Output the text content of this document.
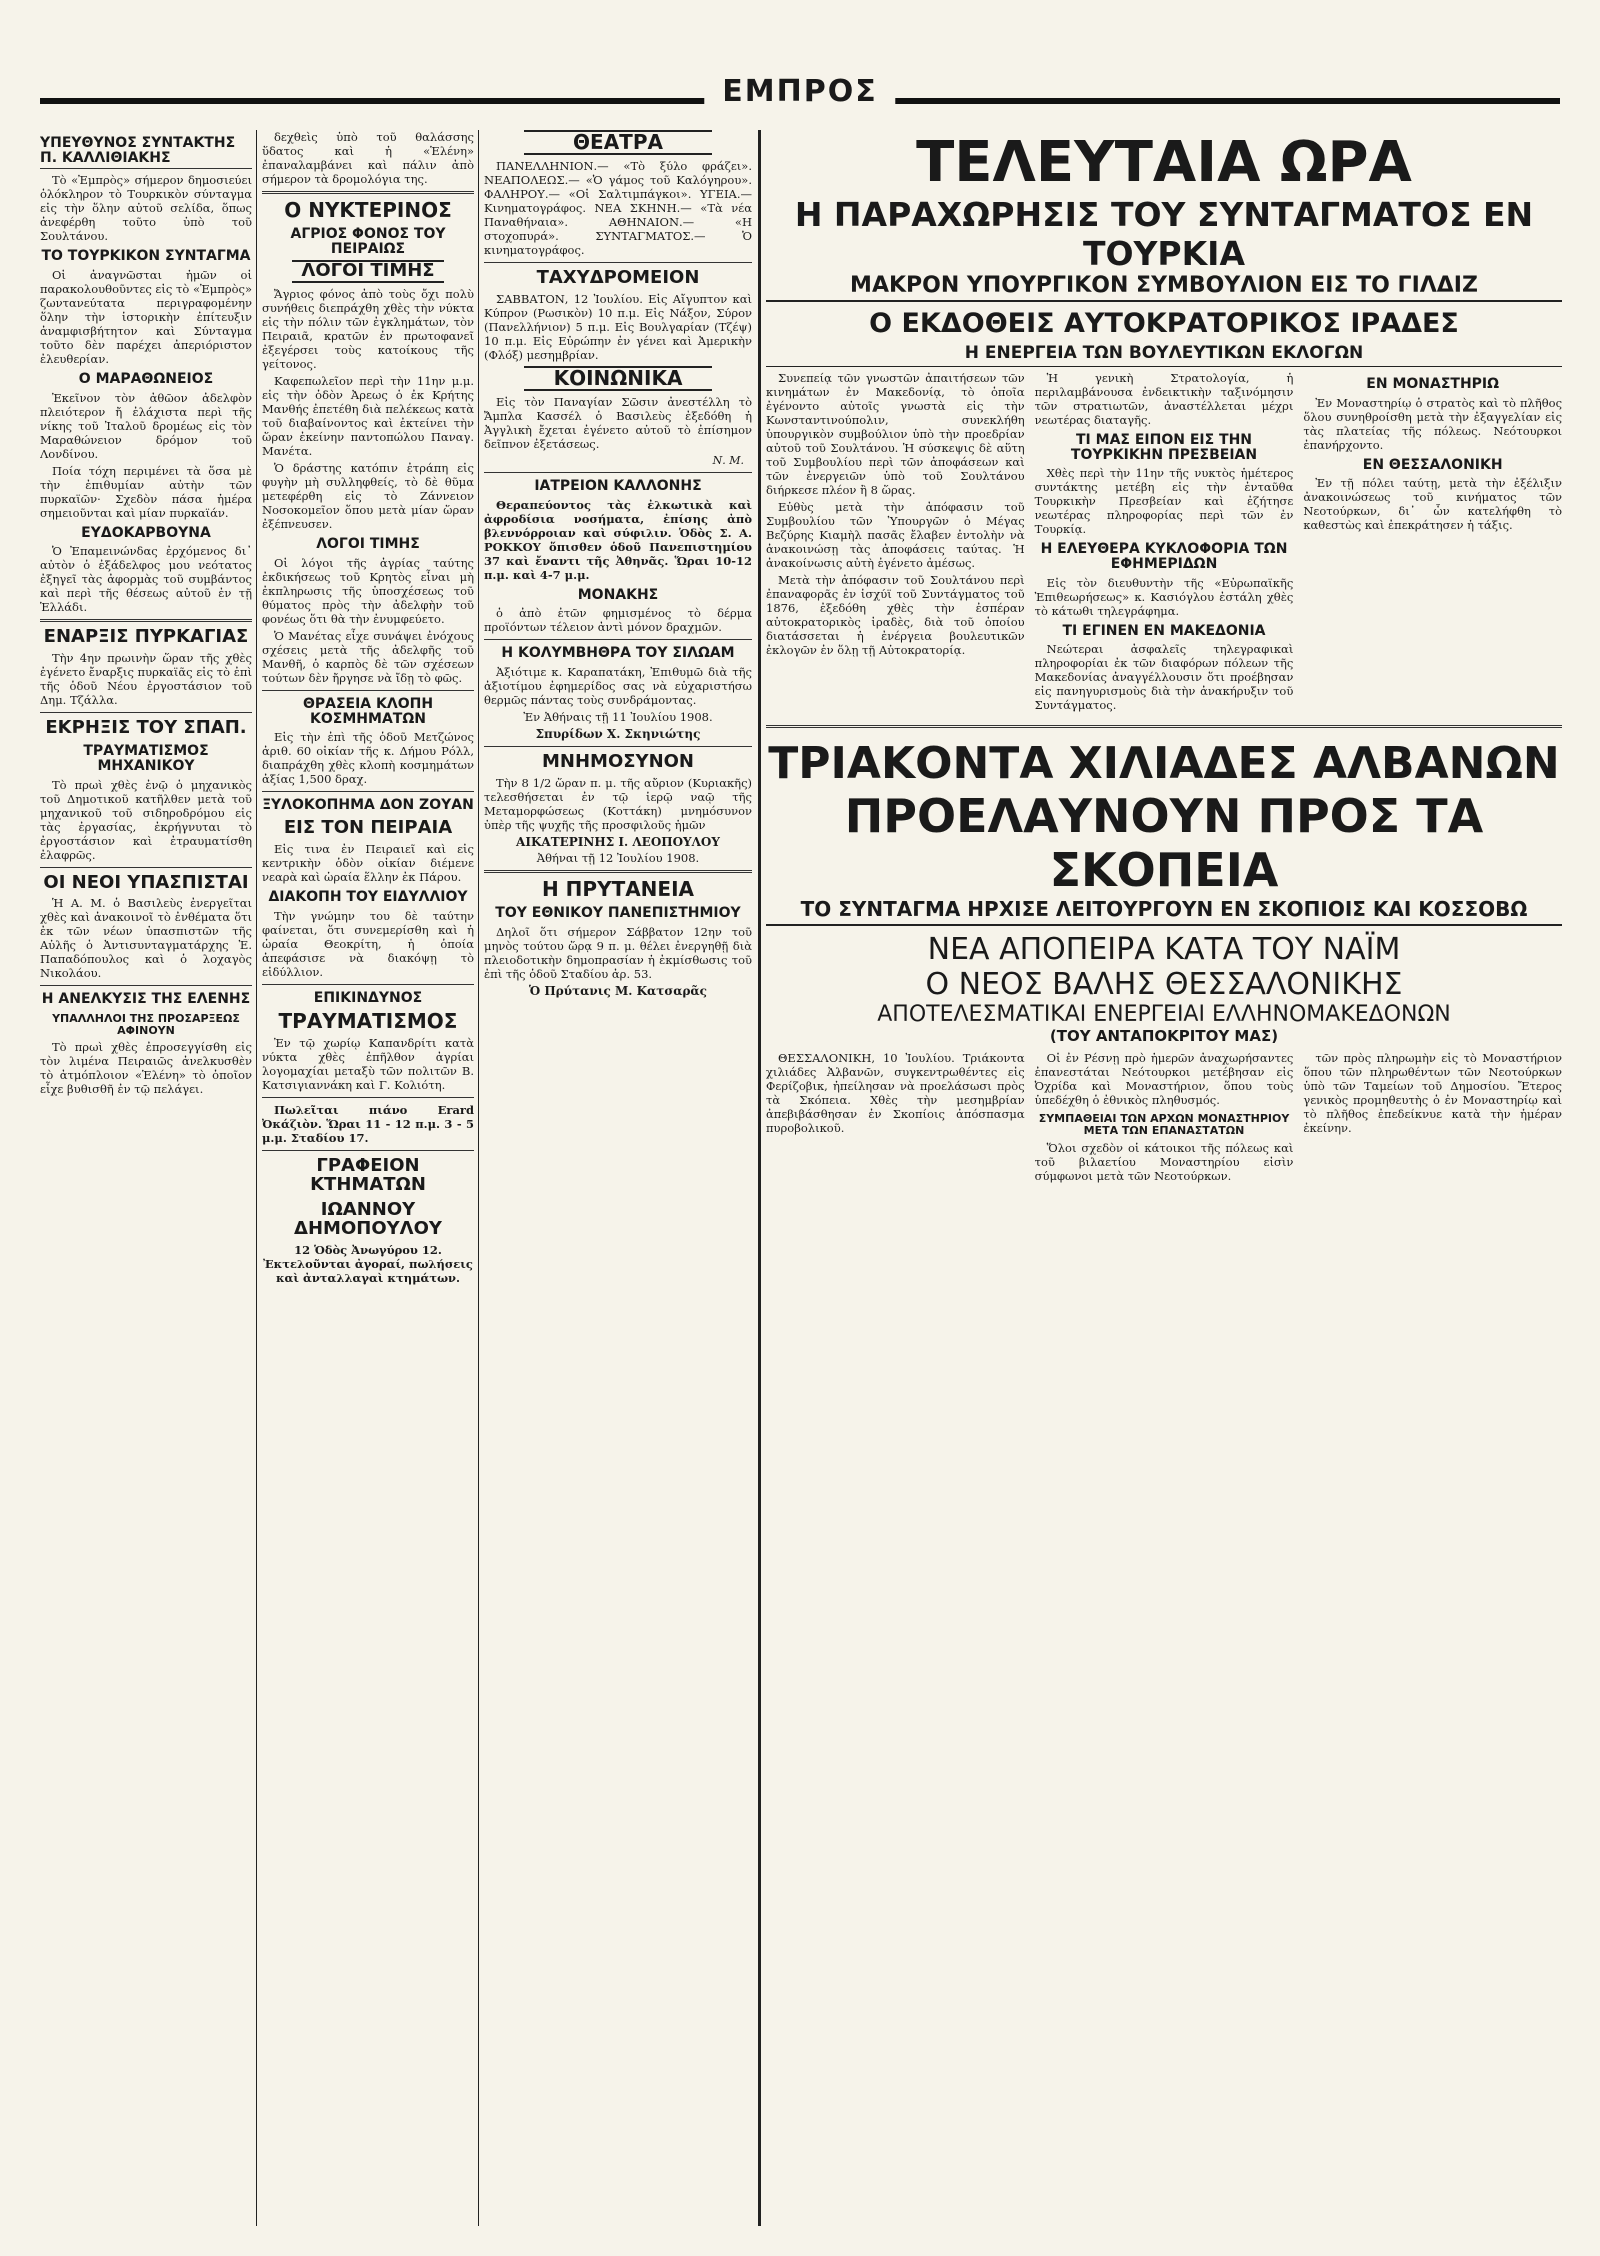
ΕΜΠΡΟΣ
ΥΠΕΥΘΥΝΟΣ ΣΥΝΤΑΚΤΗΣ Π. ΚΑΛΛΙΘΙΑΚΗΣ

Τὸ «Ἐμπρὸς» σήμερον δημοσιεύει ὁλόκληρον τὸ Τουρκικὸν σύνταγμα εἰς τὴν ὅλην αὐτοῦ σελίδα, ὅπως ἀνεφέρθη τοῦτο ὑπὸ τοῦ Σουλτάνου.

ΤΟ ΤΟΥΡΚΙΚΟΝ ΣΥΝΤΑΓΜΑ

Οἱ ἀναγνῶσται ἡμῶν οἱ παρακολουθοῦντες εἰς τὸ «Ἐμπρὸς» ζωντανεύτατα περιγραφομένην ὅλην τὴν ἱστορικὴν ἐπίτευξιν ἀναμφισβήτητον καὶ Σύνταγμα τοῦτο δὲν παρέχει ἀπεριόριστον ἐλευθερίαν.

Ο ΜΑΡΑΘΩΝΕΙΟΣ

Ἐκεῖνον τὸν ἀθῶον ἀδελφὸν πλειότερον ἤ ἐλάχιστα περὶ τῆς νίκης τοῦ Ἰταλοῦ δρομέως εἰς τὸν Μαραθώνειον δρόμον τοῦ Λονδίνου.

Ποία τόχη περιμένει τὰ ὅσα μὲ τὴν ἐπιθυμίαν αὐτὴν τῶν πυρκαϊῶν· Σχεδὸν πάσα ἡμέρα σημειοῦνται καὶ μίαν πυρκαϊάν.

ΕΥΔΟΚΑΡΒΟΥΝΑ

Ὁ Ἐπαμεινώνδας ἐρχόμενος δι᾽ αὐτὸν ὁ ἐξάδελφος μου νεότατος ἐξηγεῖ τὰς ἀφορμὰς τοῦ συμβάντος καὶ περὶ τῆς θέσεως αὐτοῦ ἐν τῇ Ἑλλάδι.

ΕΝΑΡΞΙΣ ΠΥΡΚΑΓΙΑΣ

Τὴν 4ην πρωινὴν ὥραν τῆς χθὲς ἐγένετο ἔναρξις πυρκαϊᾶς εἰς τὸ ἐπὶ τῆς ὁδοῦ Νέου ἐργοστάσιον τοῦ Δημ. Τζάλλα.

ΕΚΡΗΞΙΣ ΤΟΥ ΣΠΑΠ.
ΤΡΑΥΜΑΤΙΣΜΟΣ ΜΗΧΑΝΙΚΟΥ

Τὸ πρωὶ χθὲς ἐνῷ ὁ μηχανικὸς τοῦ Δημοτικοῦ κατῆλθεν μετὰ τοῦ μηχανικοῦ τοῦ σιδηροδρόμου εἰς τὰς ἐργασίας, ἐκρήγνυται τὸ ἐργοστάσιον καὶ ἐτραυματίσθη ἐλαφρῶς.

ΟΙ ΝΕΟΙ ΥΠΑΣΠΙΣΤΑΙ

Ἡ Α. Μ. ὁ Βασιλεὺς ἐνεργεῖται χθὲς καὶ ἀνακοινοῖ τὸ ἐνθέματα ὅτι ἐκ τῶν νέων ὑπασπιστῶν τῆς Αὐλῆς ὁ Ἀντισυνταγματάρχης Ἑ. Παπαδόπουλος καὶ ὁ λοχαγὸς Νικολάου.

Η ΑΝΕΛΚΥΣΙΣ ΤΗΣ ΕΛΕΝΗΣ
ΥΠΑΛΛΗΛΟΙ ΤΗΣ ΠΡΟΣΑΡΞΕΩΣ ΑΦΙΝΟΥΝ

Τὸ πρωὶ χθὲς ἐπροσεγγίσθη εἰς τὸν λιμένα Πειραιῶς ἀνελκυσθὲν τὸ ἀτμόπλοιον «Ἑλένη» τὸ ὁποῖον εἶχε βυθισθῆ ἐν τῷ πελάγει.

δεχθεὶς ὑπὸ τοῦ θαλάσσης ὕδατος καὶ ἡ «Ἑλένη» ἐπαναλαμβάνει καὶ πάλιν ἀπὸ σήμερον τὰ δρομολόγια της.

Ο ΝΥΚΤΕΡΙΝΟΣ
ΑΓΡΙΟΣ ΦΟΝΟΣ ΤΟΥ ΠΕΙΡΑΙΩΣ
ΛΟΓΟΙ ΤΙΜΗΣ

Ἄγριος φόνος ἀπὸ τοὺς ὄχι πολὺ συνήθεις διεπράχθη χθὲς τὴν νύκτα εἰς τὴν πόλιν τῶν ἐγκλημάτων, τὸν Πειραιᾶ, κρατῶν ἐν πρωτοφανεῖ ἐξεγέρσει τοὺς κατοίκους τῆς γείτονος.

Καφεπωλεῖον περὶ τὴν 11ην μ.μ. εἰς τὴν ὁδὸν Ἀρεως ὁ ἐκ Κρήτης Μανθής ἐπετέθη διὰ πελέκεως κατὰ τοῦ διαβαίνοντος καὶ ἐκτείνει τὴν ὥραν ἐκείνην παντοπώλου Παναγ. Μανέτα.

Ὁ δράστης κατόπιν ἐτράπη εἰς φυγὴν μὴ συλληφθείς, τὸ δὲ θῦμα μετεφέρθη εἰς τὸ Ζάννειον Νοσοκομεῖον ὅπου μετὰ μίαν ὥραν ἐξέπνευσεν.

ΛΟΓΟΙ ΤΙΜΗΣ

Οἱ λόγοι τῆς ἀγρίας ταύτης ἐκδικήσεως τοῦ Κρητὸς εἶναι μὴ ἐκπληρωσις τῆς ὑποσχέσεως τοῦ θύματος πρὸς τὴν ἀδελφὴν τοῦ φονέως ὅτι θὰ τὴν ἐνυμφεύετο.

Ὁ Μανέτας εἶχε συνάψει ἐνόχους σχέσεις μετὰ τῆς ἀδελφῆς τοῦ Μανθῆ, ὁ καρπὸς δὲ τῶν σχέσεων τούτων δὲν ἤργησε νὰ ἴδῃ τὸ φῶς.

ΘΡΑΣΕΙΑ ΚΛΟΠΗ ΚΟΣΜΗΜΑΤΩΝ

Εἰς τὴν ἐπὶ τῆς ὁδοῦ Μετζώνος ἀριθ. 60 οἰκίαν τῆς κ. Δήμου Ρόλλ, διαπράχθη χθὲς κλοπὴ κοσμημάτων ἀξίας 1,500 δραχ.

ΞΥΛΟΚΟΠΗΜΑ ΔΟΝ ΖΟΥΑΝ
ΕΙΣ ΤΟΝ ΠΕΙΡΑΙΑ

Εἰς τινα ἐν Πειραιεῖ καὶ εἰς κεντρικὴν ὁδὸν οἰκίαν διέμενε νεαρὰ καὶ ὡραία ἕλλην ἐκ Πάρου.

ΔΙΑΚΟΠΗ ΤΟΥ ΕΙΔΥΛΛΙΟΥ

Τὴν γνώμην του δὲ ταύτην φαίνεται, ὅτι συνεμερίσθη καὶ ἡ ὡραία Θεοκρίτη, ἡ ὁποία ἀπεφάσισε νὰ διακόψῃ τὸ εἰδύλλιον.

ΕΠΙΚΙΝΔΥΝΟΣ
ΤΡΑΥΜΑΤΙΣΜΟΣ

Ἐν τῷ χωρίῳ Καπανδρίτι κατὰ νύκτα χθὲς ἐπῆλθον ἀγρίαι λογομαχίαι μεταξὺ τῶν πολιτῶν Β. Κατσιγιαννάκη καὶ Γ. Κολιότη.

Πωλεῖται πιάνο Erard Ὀκάζιὸν. Ὥραι 11 - 12 π.μ. 3 - 5 μ.μ. Σταδίου 17.

ΓΡΑΦΕΙΟΝ ΚΤΗΜΑΤΩΝ
ΙΩΑΝΝΟΥ ΔΗΜΟΠΟΥΛΟΥ

12 Ὁδὸς Ἀνωγύρου 12. Ἐκτελοῦνται ἀγοραί, πωλήσεις καὶ ἀνταλλαγαὶ κτημάτων.

ΘΕΑΤΡΑ

ΠΑΝΕΛΛΗΝΙΟΝ.— «Τὸ ξύλο φράζει». ΝΕΑΠΟΛΕΩΣ.— «Ὁ γάμος τοῦ Καλόγηρου». ΦΑΛΗΡΟΥ.— «Οἱ Σαλτιμπάγκοι». ΥΓΕΙΑ.— Κινηματογράφος. ΝΕΑ ΣΚΗΝΗ.— «Τὰ νέα Παναθήναια». ΑΘΗΝΑΙΟΝ.— «Η στοχοπυρά». ΣΥΝΤΑΓΜΑΤΟΣ.— Ὁ κινηματογράφος.

ΤΑΧΥΔΡΟΜΕΙΟΝ

ΣΑΒΒΑΤΟΝ, 12 Ἰουλίου. Εἰς Αἴγυπτον καὶ Κύπρον (Ρωσικὸν) 10 π.μ. Εἰς Νάξον, Σύρον (Πανελλήνιον) 5 π.μ. Εἰς Βουλγαρίαν (Τζέψ) 10 π.μ. Εἰς Εὐρώπην ἐν γένει καὶ Ἀμερικὴν (Φλόξ) μεσημβρίαν.

ΚΟΙΝΩΝΙΚΑ

Εἰς τὸν Παναγίαν Σῶσιν ἀνεστέλλη τὸ Ἄμπλα Κασσέλ ὁ Βασιλεὺς ἐξεδόθη ἡ Ἀγγλικὴ ἔχεται ἐγένετο αὐτοῦ τὸ ἐπίσημον δεῖπνον ἐξετάσεως.

Ν. Μ.
ΙΑΤΡΕΙΟΝ ΚΑΛΛΟΝΗΣ

Θεραπεύοντος τὰς ἐλκωτικὰ καὶ ἀφροδίσια νοσήματα, ἐπίσης ἀπὸ βλεννόρροιαν καὶ σύφιλιν. Ὁδὸς Σ. Α. ΡΟΚΚΟΥ ὅπισθεν ὁδοῦ Πανεπιστημίου 37 καὶ ἔναντι τῆς Ἀθηνᾶς. Ὥραι 10-12 π.μ. καὶ 4-7 μ.μ.

ΜΟΝΑΚΗΣ

ὁ ἀπὸ ἐτῶν φημισμένος τὸ δέρμα προϊόντων τέλειον ἀντὶ μόνον δραχμῶν.

Η ΚΟΛΥΜΒΗΘΡΑ ΤΟΥ ΣΙΛΩΑΜ

Ἀξιότιμε κ. Καραπατάκη, Ἐπιθυμῶ διὰ τῆς ἀξιοτίμου ἐφημερίδος σας νὰ εὐχαριστήσω θερμῶς πάντας τοὺς συνδράμοντας.

Ἐν Ἀθήναις τῇ 11 Ἰουλίου 1908.

Σπυρίδων Χ. Σκηνιώτης
ΜΝΗΜΟΣΥΝΟΝ

Τὴν 8 1/2 ὥραν π. μ. τῆς αὔριον (Κυριακῆς) τελεσθήσεται ἐν τῷ ἱερῷ ναῷ τῆς Μεταμορφώσεως (Κοττάκη) μνημόσυνον ὑπὲρ τῆς ψυχῆς τῆς προσφιλοῦς ἡμῶν

ΑΙΚΑΤΕΡΙΝΗΣ Ι. ΛΕΟΠΟΥΛΟΥ

Ἀθήναι τῇ 12 Ἰουλίου 1908.

Η ΠΡΥΤΑΝΕΙΑ
ΤΟΥ ΕΘΝΙΚΟΥ ΠΑΝΕΠΙΣΤΗΜΙΟΥ

Δηλοῖ ὅτι σήμερον Σάββατον 12ην τοῦ μηνὸς τούτου ὥρᾳ 9 π. μ. θέλει ἐνεργηθῇ διὰ πλειοδοτικὴν δημοπρασίαν ἡ ἐκμίσθωσις τοῦ ἐπὶ τῆς ὁδοῦ Σταδίου ἀρ. 53.

Ὁ Πρύτανις Μ. Κατσαρᾶς
ΤΕΛΕΥΤΑΙΑ ΩΡΑ
Η ΠΑΡΑΧΩΡΗΣΙΣ ΤΟΥ ΣΥΝΤΑΓΜΑΤΟΣ ΕΝ ΤΟΥΡΚΙΑ
ΜΑΚΡΟΝ ΥΠΟΥΡΓΙΚΟΝ ΣΥΜΒΟΥΛΙΟΝ ΕΙΣ ΤΟ ΓΙΛΔΙΖ
Ο ΕΚΔΟΘΕΙΣ ΑΥΤΟΚΡΑΤΟΡΙΚΟΣ ΙΡΑΔΕΣ
Η ΕΝΕΡΓΕΙΑ ΤΩΝ ΒΟΥΛΕΥΤΙΚΩΝ ΕΚΛΟΓΩΝ

Συνεπείᾳ τῶν γνωστῶν ἀπαιτήσεων τῶν κινημάτων ἐν Μακεδονίᾳ, τὸ ὁποῖα ἐγένοντο αὐτοῖς γνωστὰ εἰς τὴν Κωνσταντινούπολιν, συνεκλήθη ὑπουργικὸν συμβούλιον ὑπὸ τὴν προεδρίαν αὐτοῦ τοῦ Σουλτάνου. Ἡ σύσκεψις δὲ αὕτη τοῦ Συμβουλίου περὶ τῶν ἀποφάσεων καὶ τῶν ἐνεργειῶν ὑπὸ τοῦ Σουλτάνου διήρκεσε πλέον ἢ 8 ὥρας.

Εὐθὺς μετὰ τὴν ἀπόφασιν τοῦ Συμβουλίου τῶν Ὑπουργῶν ὁ Μέγας Βεζύρης Κιαμὴλ πασᾶς ἔλαβεν ἐντολὴν νὰ ἀνακοινώσῃ τὰς ἀποφάσεις ταύτας. Ἡ ἀνακοίνωσις αὐτὴ ἐγένετο ἀμέσως.

Μετὰ τὴν ἀπόφασιν τοῦ Σουλτάνου περὶ ἐπαναφορᾶς ἐν ἰσχύϊ τοῦ Συντάγματος τοῦ 1876, ἐξεδόθη χθὲς τὴν ἐσπέραν αὐτοκρατορικὸς ἰραδὲς, διὰ τοῦ ὁποίου διατάσσεται ἡ ἐνέργεια βουλευτικῶν ἐκλογῶν ἐν ὅλῃ τῇ Αὐτοκρατορίᾳ.

Ἡ γενικὴ Στρατολογία, ἡ περιλαμβάνουσα ἐνδεικτικὴν ταξινόμησιν τῶν στρατιωτῶν, ἀναστέλλεται μέχρι νεωτέρας διαταγῆς.

ΤΙ ΜΑΣ ΕΙΠΟΝ ΕΙΣ ΤΗΝ ΤΟΥΡΚΙΚΗΝ ΠΡΕΣΒΕΙΑΝ

Χθὲς περὶ τὴν 11ην τῆς νυκτὸς ἡμέτερος συντάκτης μετέβη εἰς τὴν ἐνταῦθα Τουρκικὴν Πρεσβείαν καὶ ἐζήτησε νεωτέρας πληροφορίας περὶ τῶν ἐν Τουρκίᾳ.

Η ΕΛΕΥΘΕΡΑ ΚΥΚΛΟΦΟΡΙΑ ΤΩΝ ΕΦΗΜΕΡΙΔΩΝ

Εἰς τὸν διευθυντὴν τῆς «Εὐρωπαϊκῆς Ἐπιθεωρήσεως» κ. Κασιόγλου ἐστάλη χθὲς τὸ κάτωθι τηλεγράφημα.

ΤΙ ΕΓΙΝΕΝ ΕΝ ΜΑΚΕΔΟΝΙΑ

Νεώτεραι ἀσφαλεῖς τηλεγραφικαὶ πληροφορίαι ἐκ τῶν διαφόρων πόλεων τῆς Μακεδονίας ἀναγγέλλουσιν ὅτι προέβησαν εἰς πανηγυρισμοὺς διὰ τὴν ἀνακήρυξιν τοῦ Συντάγματος.

ΕΝ ΜΟΝΑΣΤΗΡΙΩ

Ἐν Μοναστηρίῳ ὁ στρατὸς καὶ τὸ πλῆθος ὅλου συνηθροίσθη μετὰ τὴν ἐξαγγελίαν εἰς τὰς πλατείας τῆς πόλεως. Νεότουρκοι ἐπανήρχοντο.

ΕΝ ΘΕΣΣΑΛΟΝΙΚΗ

Ἐν τῇ πόλει ταύτῃ, μετὰ τὴν ἐξέλιξιν ἀνακοινώσεως τοῦ κινήματος τῶν Νεοτούρκων, δι᾽ ὧν κατελήφθη τὸ καθεστὼς καὶ ἐπεκράτησεν ἡ τάξις.

ΤΡΙΑΚΟΝΤΑ ΧΙΛΙΑΔΕΣ ΑΛΒΑΝΩΝ
ΠΡΟΕΛΑΥΝΟΥΝ ΠΡΟΣ ΤΑ ΣΚΟΠΕΙΑ
ΤΟ ΣΥΝΤΑΓΜΑ ΗΡΧΙΣΕ ΛΕΙΤΟΥΡΓΟΥΝ ΕΝ ΣΚΟΠΙΟΙΣ ΚΑΙ ΚΟΣΣΟΒΩ
ΝΕΑ ΑΠΟΠΕΙΡΑ ΚΑΤΑ ΤΟΥ ΝΑΪΜ
Ο ΝΕΟΣ ΒΑΛΗΣ ΘΕΣΣΑΛΟΝΙΚΗΣ
ΑΠΟΤΕΛΕΣΜΑΤΙΚΑΙ ΕΝΕΡΓΕΙΑΙ ΕΛΛΗΝΟΜΑΚΕΔΟΝΩΝ
(ΤΟΥ ΑΝΤΑΠΟΚΡΙΤΟΥ ΜΑΣ)

ΘΕΣΣΑΛΟΝΙΚΗ, 10 Ἰουλίου. Τριάκοντα χιλιάδες Ἀλβανῶν, συγκεντρωθέντες εἰς Φερίζοβικ, ἠπείλησαν νὰ προελάσωσι πρὸς τὰ Σκόπεια. Χθὲς τὴν μεσημβρίαν ἀπεβιβάσθησαν ἐν Σκοπίοις ἀπόσπασμα πυροβολικοῦ.

Οἱ ἐν Ρέσνῃ πρὸ ἡμερῶν ἀναχωρήσαντες ἐπανεστάται Νεότουρκοι μετέβησαν εἰς Ὀχρίδα καὶ Μοναστήριον, ὅπου τοὺς ὑπεδέχθη ὁ ἐθνικὸς πληθυσμός.

ΣΥΜΠΑΘΕΙΑΙ ΤΩΝ ΑΡΧΩΝ ΜΟΝΑΣΤΗΡΙΟΥ ΜΕΤΑ ΤΩΝ ΕΠΑΝΑΣΤΑΤΩΝ

Ὅλοι σχεδὸν οἱ κάτοικοι τῆς πόλεως καὶ τοῦ βιλαετίου Μοναστηρίου εἰσὶν σύμφωνοι μετὰ τῶν Νεοτούρκων.

τῶν πρὸς πληρωμὴν εἰς τὸ Μοναστήριον ὅπου τῶν πληρωθέντων τῶν Νεοτούρκων ὑπὸ τῶν Ταμείων τοῦ Δημοσίου. Ἔτερος γενικὸς προμηθευτὴς ὁ ἐν Μοναστηρίῳ καὶ τὸ πλῆθος ἐπεδείκνυε κατὰ τὴν ἡμέραν ἐκείνην.
